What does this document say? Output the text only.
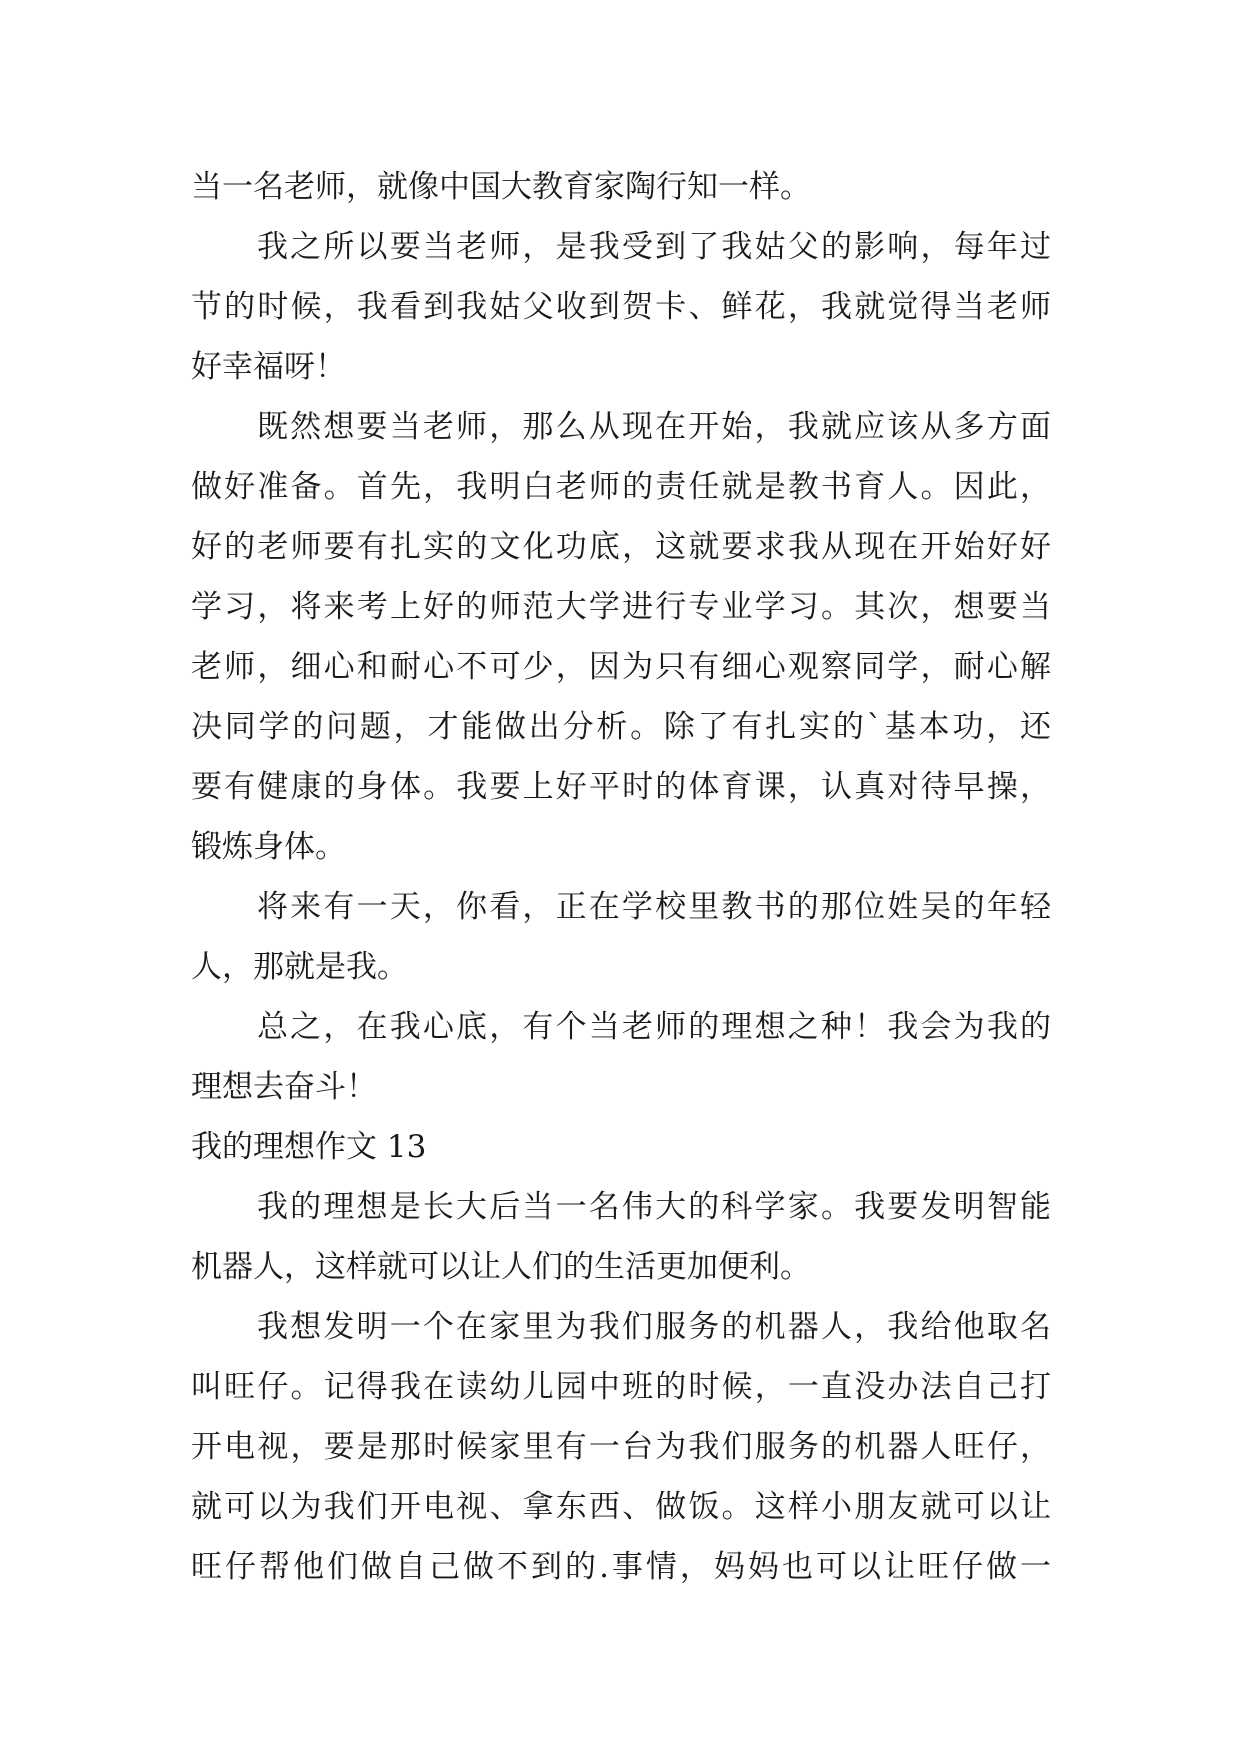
当一名老师，就像中国大教育家陶行知一样。
我之所以要当老师，是我受到了我姑父的影响，每年过
节的时候，我看到我姑父收到贺卡、鲜花，我就觉得当老师
好幸福呀！
既然想要当老师，那么从现在开始，我就应该从多方面
做好准备。首先，我明白老师的责任就是教书育人。因此，
好的老师要有扎实的文化功底，这就要求我从现在开始好好
学习，将来考上好的师范大学进行专业学习。其次，想要当
老师，细心和耐心不可少，因为只有细心观察同学，耐心解
决同学的问题，才能做出分析。除了有扎实的`基本功，还
要有健康的身体。我要上好平时的体育课，认真对待早操，
锻炼身体。
将来有一天，你看，正在学校里教书的那位姓吴的年轻
人，那就是我。
总之，在我心底，有个当老师的理想之种！我会为我的
理想去奋斗！
我的理想作文 13
我的理想是长大后当一名伟大的科学家。我要发明智能
机器人，这样就可以让人们的生活更加便利。
我想发明一个在家里为我们服务的机器人，我给他取名
叫旺仔。记得我在读幼儿园中班的时候，一直没办法自己打
开电视，要是那时候家里有一台为我们服务的机器人旺仔，
就可以为我们开电视、拿东西、做饭。这样小朋友就可以让
旺仔帮他们做自己做不到的.事情，妈妈也可以让旺仔做一
